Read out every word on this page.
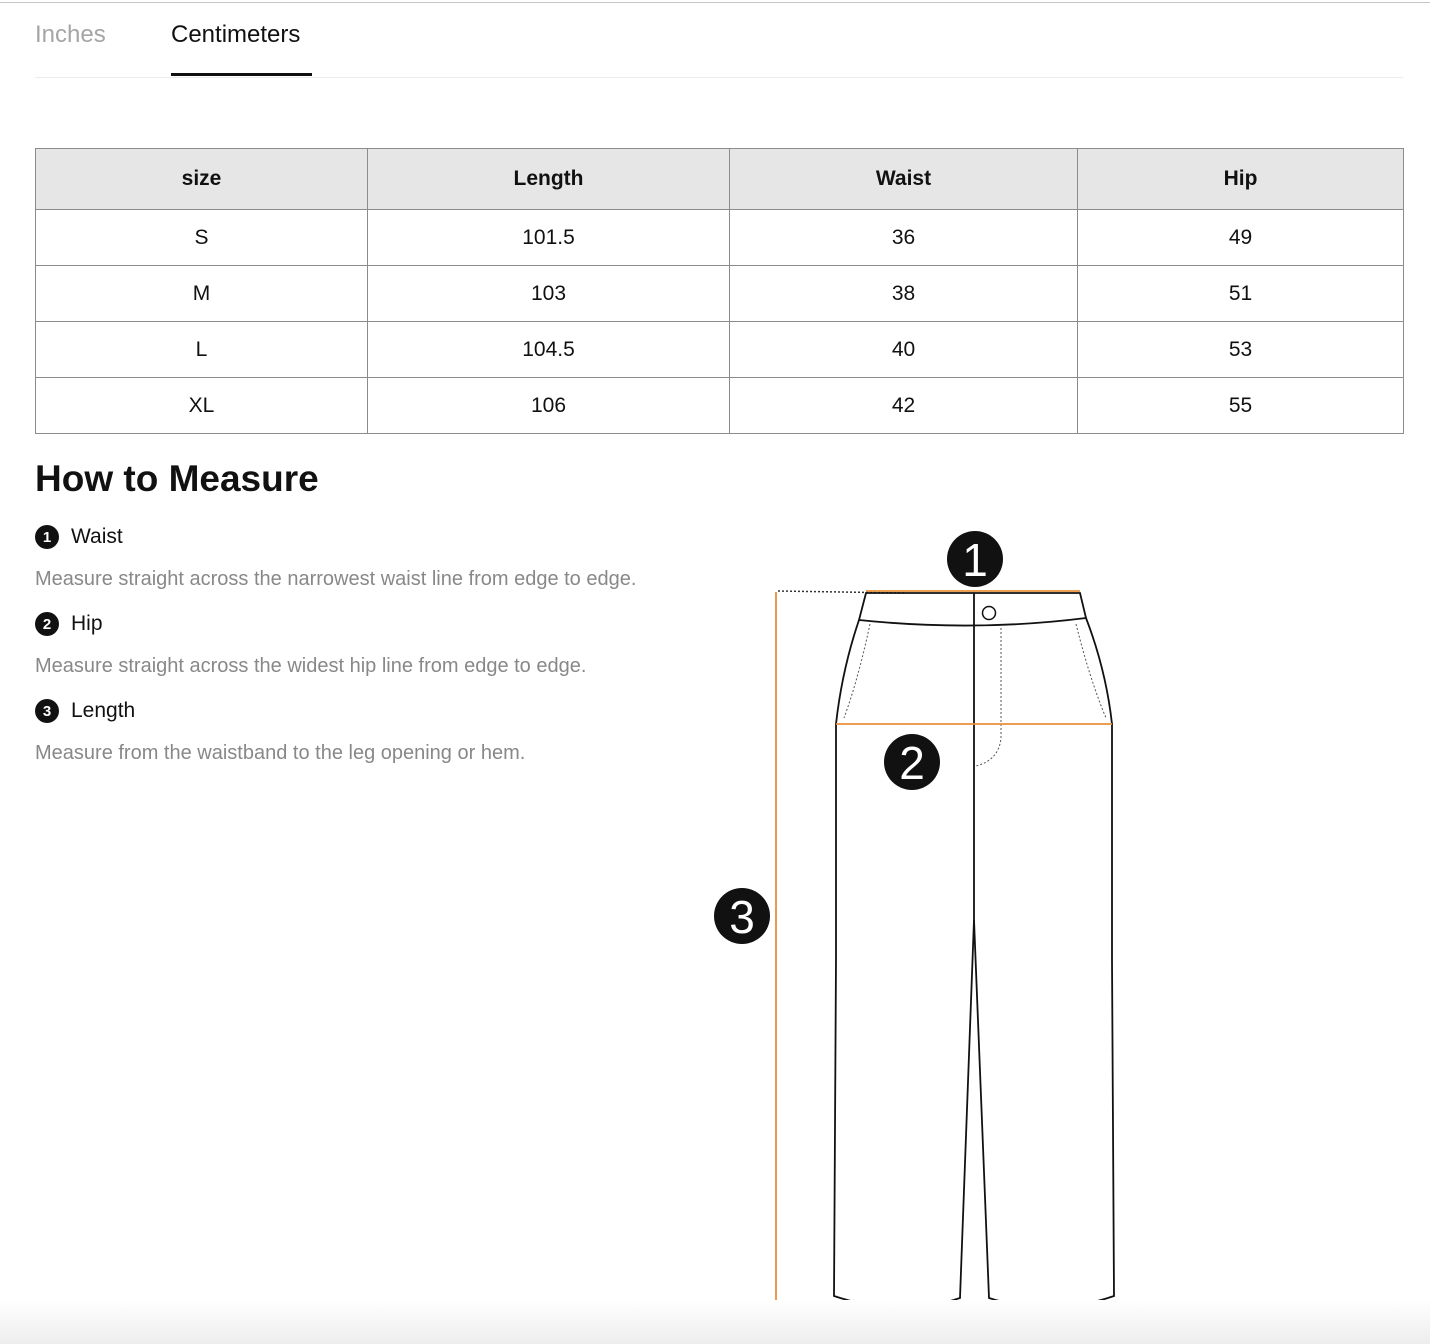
Inches	Centimeters
size	Length	Waist	Hip
S	101.5	36	49
M	103	38	51
L	104.5	40	53
XL	106	42	55
How to Measure
1 Waist
Measure straight across the narrowest waist line from edge to edge.
2 Hip
Measure straight across the widest hip line from edge to edge.
3 Length
Measure from the waistband to the leg opening or hem.
1
2
3
